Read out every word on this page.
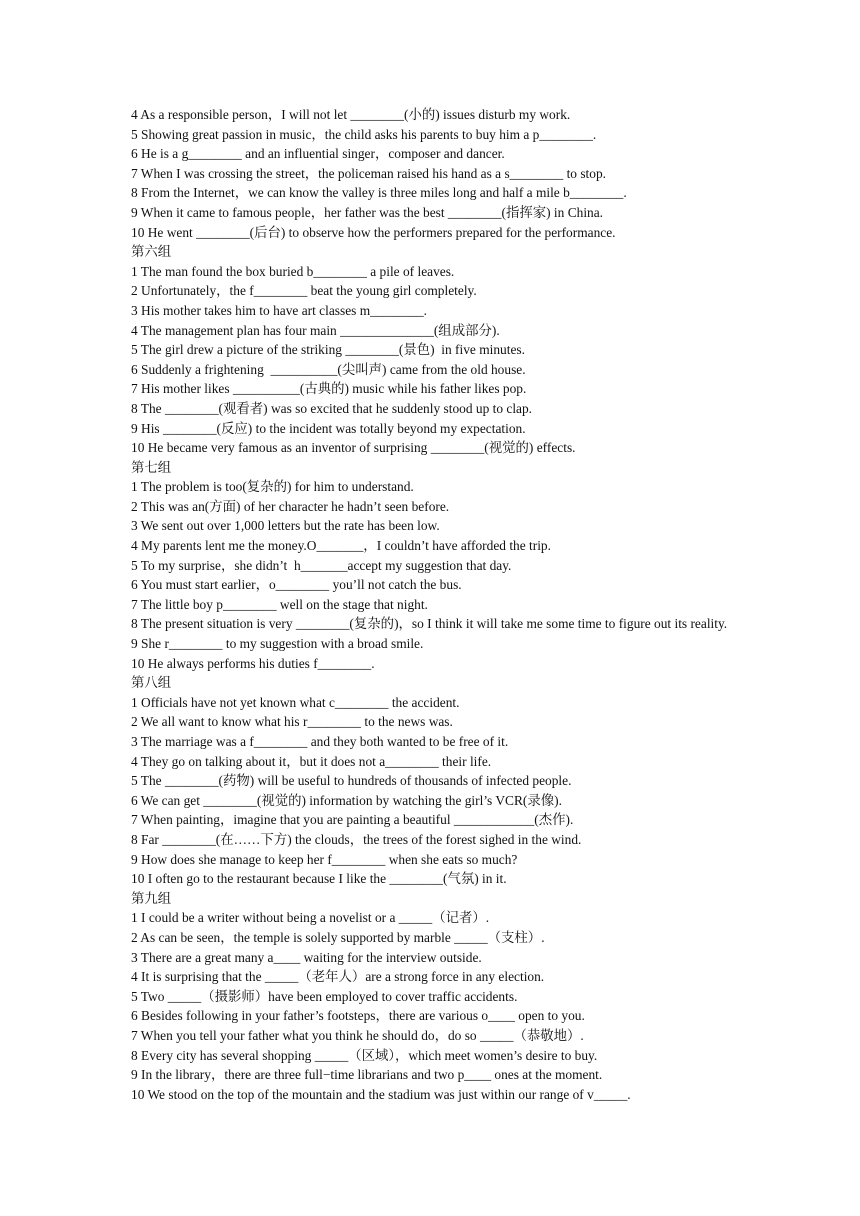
4 As a responsible person，I will not let ________(小的) issues disturb my work.

5 Showing great passion in music，the child asks his parents to buy him a p________.

6 He is a g________ and an influential singer，composer and dancer.

7 When I was crossing the street，the policeman raised his hand as a s________ to stop.

8 From the Internet，we can know the valley is three miles long and half a mile b________.

9 When it came to famous people，her father was the best ________(指挥家) in China.

10 He went ________(后台) to observe how the performers prepared for the performance.

第六组

1 The man found the box buried b________ a pile of leaves.

2 Unfortunately，the f________ beat the young girl completely.

3 His mother takes him to have art classes m________.

4 The management plan has four main ______________(组成部分).

5 The girl drew a picture of the striking ________(景色)  in five minutes.

6 Suddenly a frightening  __________(尖叫声) came from the old house.

7 His mother likes __________(古典的) music while his father likes pop.

8 The ________(观看者) was so excited that he suddenly stood up to clap.

9 His ________(反应) to the incident was totally beyond my expectation.

10 He became very famous as an inventor of surprising ________(视觉的) effects.

第七组

1 The problem is too(复杂的) for him to understand.

2 This was an(方面) of her character he hadn’t seen before.

3 We sent out over 1,000 letters but the rate has been low.

4 My parents lent me the money.O_______，I couldn’t have afforded the trip.

5 To my surprise，she didn’t  h_______accept my suggestion that day.

6 You must start earlier，o________ you’ll not catch the bus.

7 The little boy p________ well on the stage that night.

8 The present situation is very ________(复杂的)，so I think it will take me some time to figure out its reality.

9 She r________ to my suggestion with a broad smile.

10 He always performs his duties f________.

第八组

1 Officials have not yet known what c________ the accident.

2 We all want to know what his r________ to the news was.

3 The marriage was a f________ and they both wanted to be free of it.

4 They go on talking about it，but it does not a________ their life.

5 The ________(药物) will be useful to hundreds of thousands of infected people.

6 We can get ________(视觉的) information by watching the girl’s VCR(录像).

7 When painting，imagine that you are painting a beautiful ____________(杰作).

8 Far ________(在……下方) the clouds，the trees of the forest sighed in the wind.

9 How does she manage to keep her f________ when she eats so much?

10 I often go to the restaurant because I like the ________(气氛) in it.

第九组

1 I could be a writer without being a novelist or a _____（记者）.

2 As can be seen，the temple is solely supported by marble _____（支柱）.

3 There are a great many a____ waiting for the interview outside.

4 It is surprising that the _____（老年人）are a strong force in any election.

5 Two _____（摄影师）have been employed to cover traffic accidents.

6 Besides following in your father’s footsteps，there are various o____ open to you.

7 When you tell your father what you think he should do，do so _____（恭敬地）.

8 Every city has several shopping _____（区域），which meet women’s desire to buy.

9 In the library，there are three full−time librarians and two p____ ones at the moment.

10 We stood on the top of the mountain and the stadium was just within our range of v_____.
